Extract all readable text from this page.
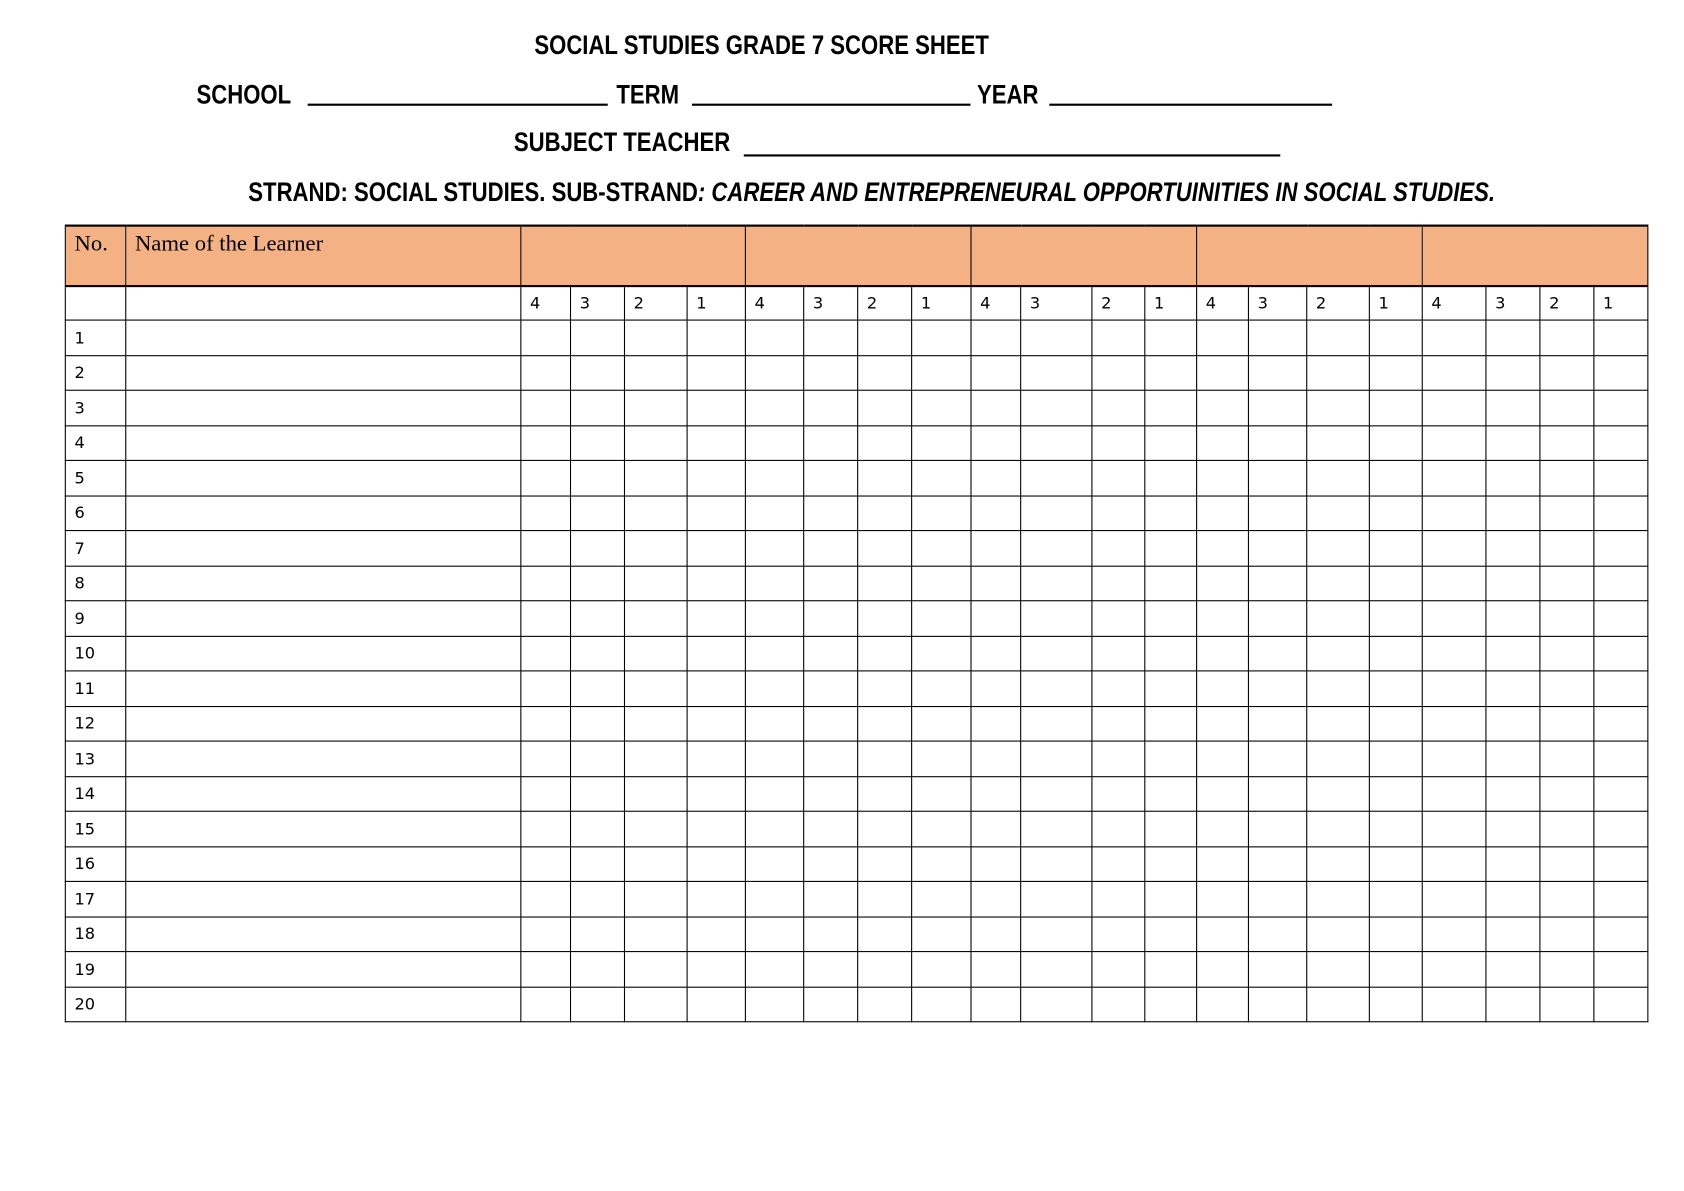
SOCIAL STUDIES GRADE 7 SCORE SHEET
SCHOOL	TERM	YEAR
SUBJECT TEACHER
STRAND: SOCIAL STUDIES. SUB-STRAND: CAREER AND ENTREPRENEURAL OPPORTUINITIES IN SOCIAL STUDIES.
No.	Name of the Learner																				
		4	3	2	1	4	3	2	1	4	3	2	1	4	3	2	1	4	3	2	1
1																					
2																					
3																					
4																					
5																					
6																					
7																					
8																					
9																					
10																					
11																					
12																					
13																					
14																					
15																					
16																					
17																					
18																					
19																					
20																					
